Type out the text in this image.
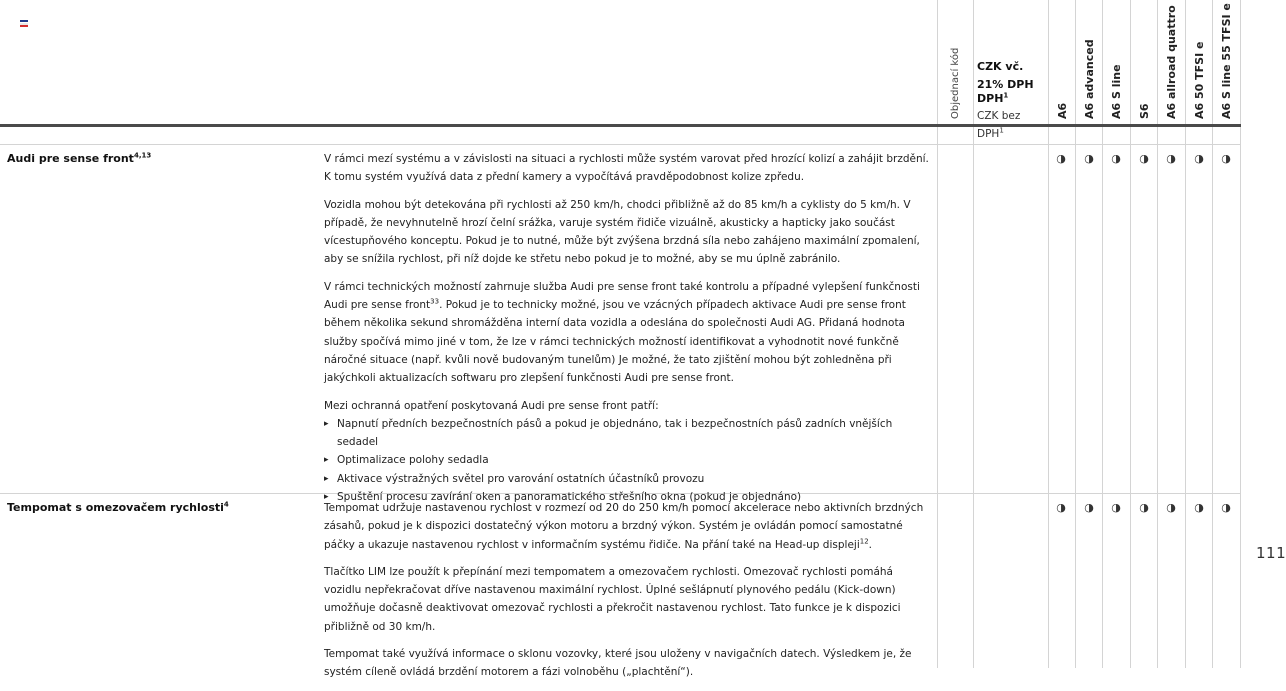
Objednací kód CZK vč. 21% DPH
DPH$^1$
CZK bez DPH$^1$
A6 A6 advanced A6 S line S6 A6 allroad quattro A6 50 TFSI e A6 S line 55 TFSI e
Audi pre sense front$^{4,13}$	V rámci mezí systému a v závislosti na situaci a rychlosti může systém varovat před hrozící kolizí a zahájit brzdění. K tomu systém využívá data z přední kamery a vypočítává pravděpodobnost kolize zpředu.

Vozidla mohou být detekována při rychlosti až 250 km/h, chodci přibližně až do 85 km/h a cyklisty do 5 km/h. V případě, že nevyhnutelně hrozí čelní srážka, varuje systém řidiče vizuálně, akusticky a hapticky jako součást vícestupňového konceptu. Pokud je to nutné, může být zvýšena brzdná síla nebo zahájeno maximální zpomalení, aby se snížila rychlost, při níž dojde ke střetu nebo pokud je to možné, aby se mu úplně zabránilo.

V rámci technických možností zahrnuje služba Audi pre sense front také kontrolu a případné vylepšení funkčnosti Audi pre sense front$^{33}$. Pokud je to technicky možné, jsou ve vzácných případech aktivace Audi pre sense front během několika sekund shromážděna interní data vozidla a odeslána do společnosti Audi AG. Přidaná hodnota služby spočívá mimo jiné v tom, že lze v rámci technických možností identifikovat a vyhodnotit nové funkčně náročné situace (např. kvůli nově budovaným tunelům) Je možné, že tato zjištění mohou být zohledněna při jakýchkoli aktualizacích softwaru pro zlepšení funkčnosti Audi pre sense front.

Mezi ochranná opatření poskytovaná Audi pre sense front patří:
▸ Napnutí předních bezpečnostních pásů a pokud je objednáno, tak i bezpečnostních pásů zadních vnějších sedadel
▸ Optimalizace polohy sedadla
▸ Aktivace výstražných světel pro varování ostatních účastníků provozu
▸ Spuštění procesu zavírání oken a panoramatického střešního okna (pokud je objednáno)
◑ ◑ ◑ ◑ ◑ ◑ ◑
Tempomat s omezovačem rychlosti$^4$	Tempomat udržuje nastavenou rychlost v rozmezí od 20 do 250 km/h pomocí akcelerace nebo aktivních brzdných zásahů, pokud je k dispozici dostatečný výkon motoru a brzdný výkon. Systém je ovládán pomocí samostatné páčky a ukazuje nastavenou rychlost v informačním systému řidiče. Na přání také na Head-up displeji$^{12}$.

Tlačítko LIM lze použít k přepínání mezi tempomatem a omezovačem rychlosti. Omezovač rychlosti pomáhá vozidlu nepřekračovat dříve nastavenou maximální rychlost. Úplné sešlápnutí plynového pedálu (Kick-down) umožňuje dočasně deaktivovat omezovač rychlosti a překročit nastavenou rychlost. Tato funkce je k dispozici přibližně od 30 km/h.

Tempomat také využívá informace o sklonu vozovky, které jsou uloženy v navigačních datech. Výsledkem je, že systém cíleně ovládá brzdění motorem a fázi volnoběhu („plachtění“).

◑ ◑ ◑ ◑ ◑ ◑ ◑
111
